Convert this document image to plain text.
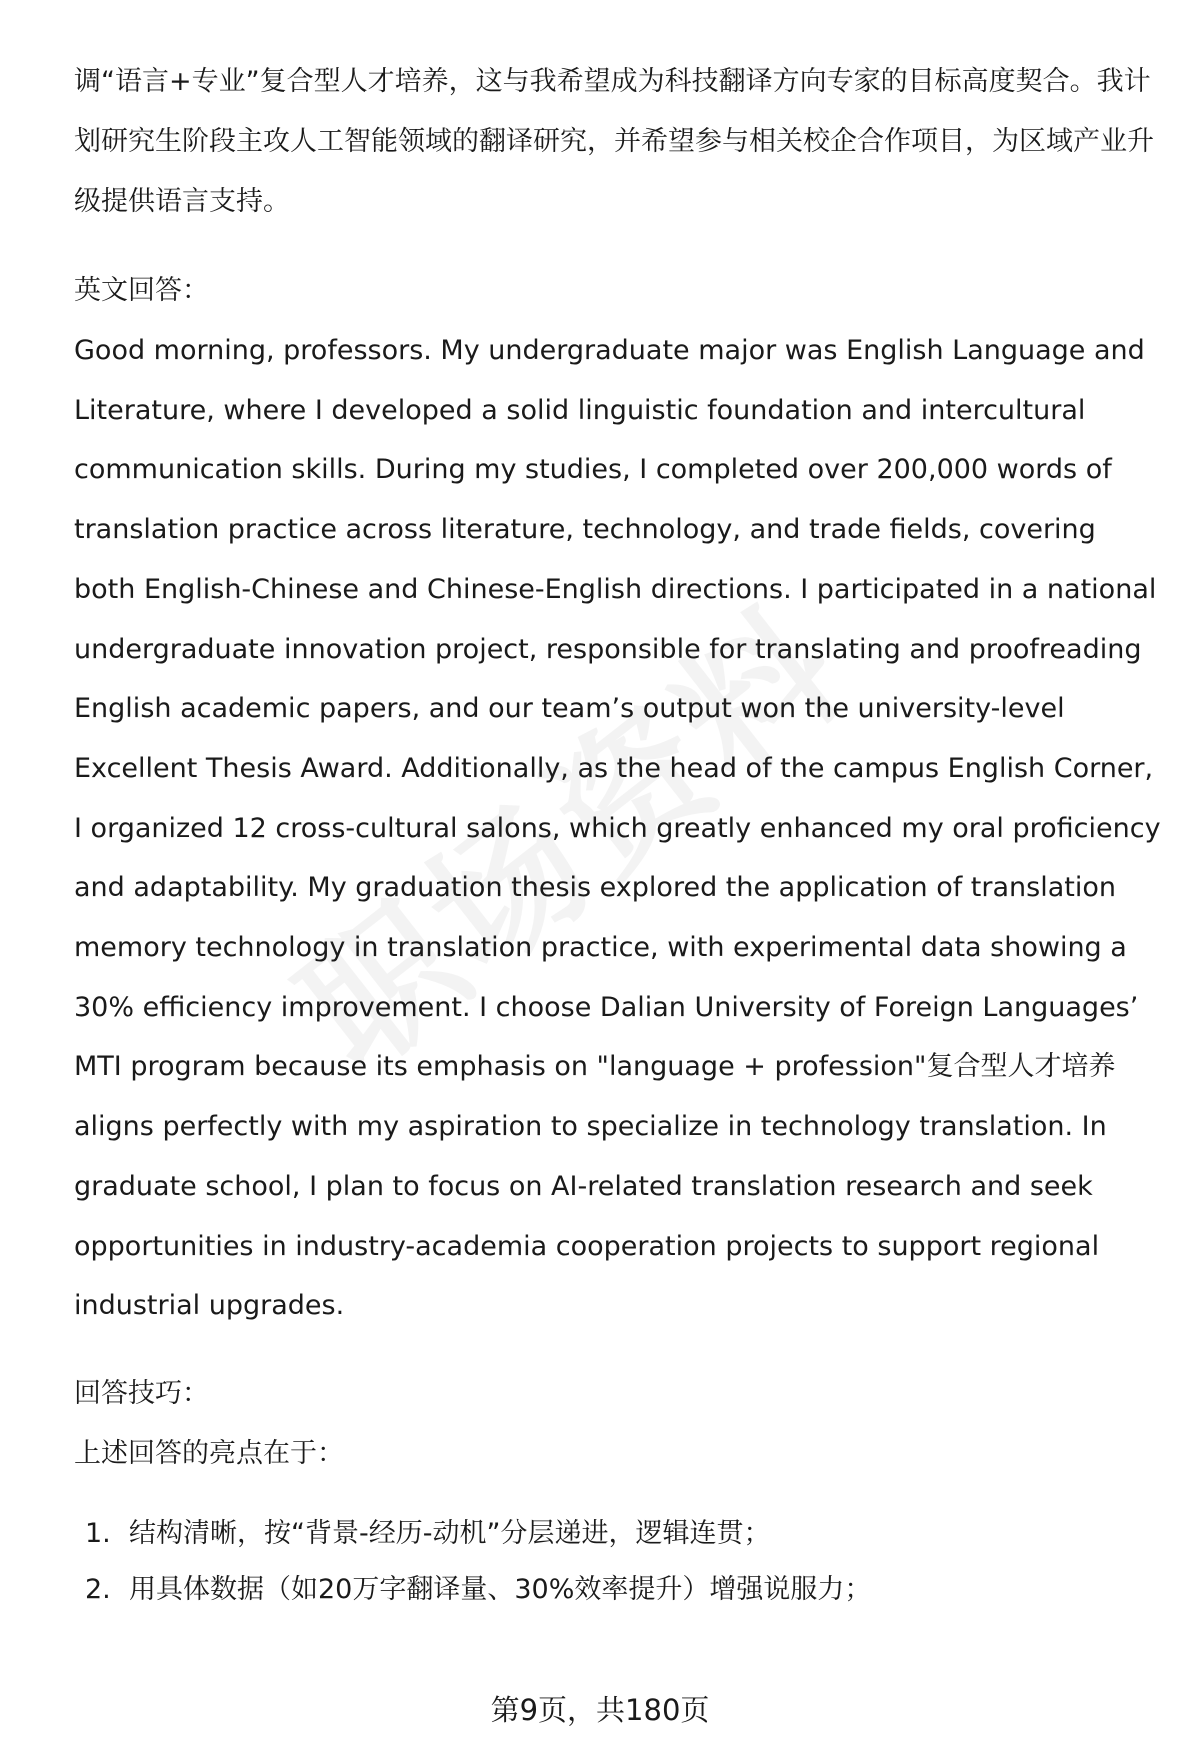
调“语言+专业”复合型人才培养，这与我希望成为科技翻译方向专家的目标高度契合。我计划研究生阶段主攻人工智能领域的翻译研究，并希望参与相关校企合作项目，为区域产业升级提供语言支持。

英文回答：

Good morning, professors. My undergraduate major was English Language and Literature, where I developed a solid linguistic foundation and intercultural communication skills. During my studies, I completed over 200,000 words of translation practice across literature, technology, and trade fields, covering both English-Chinese and Chinese-English directions. I participated in a national undergraduate innovation project, responsible for translating and proofreading English academic papers, and our team’s output won the university-level Excellent Thesis Award. Additionally, as the head of the campus English Corner, I organized 12 cross-cultural salons, which greatly enhanced my oral proficiency and adaptability. My graduation thesis explored the application of translation memory technology in translation practice, with experimental data showing a 30% efficiency improvement. I choose Dalian University of Foreign Languages’ MTI program because its emphasis on "language + profession"复合型人才培养 aligns perfectly with my aspiration to specialize in technology translation. In graduate school, I plan to focus on AI-related translation research and seek opportunities in industry-academia cooperation projects to support regional industrial upgrades.

回答技巧：

上述回答的亮点在于：

1. 结构清晰，按“背景-经历-动机”分层递进，逻辑连贯；
2. 用具体数据（如20万字翻译量、30%效率提升）增强说服力；
第9页，共180页
